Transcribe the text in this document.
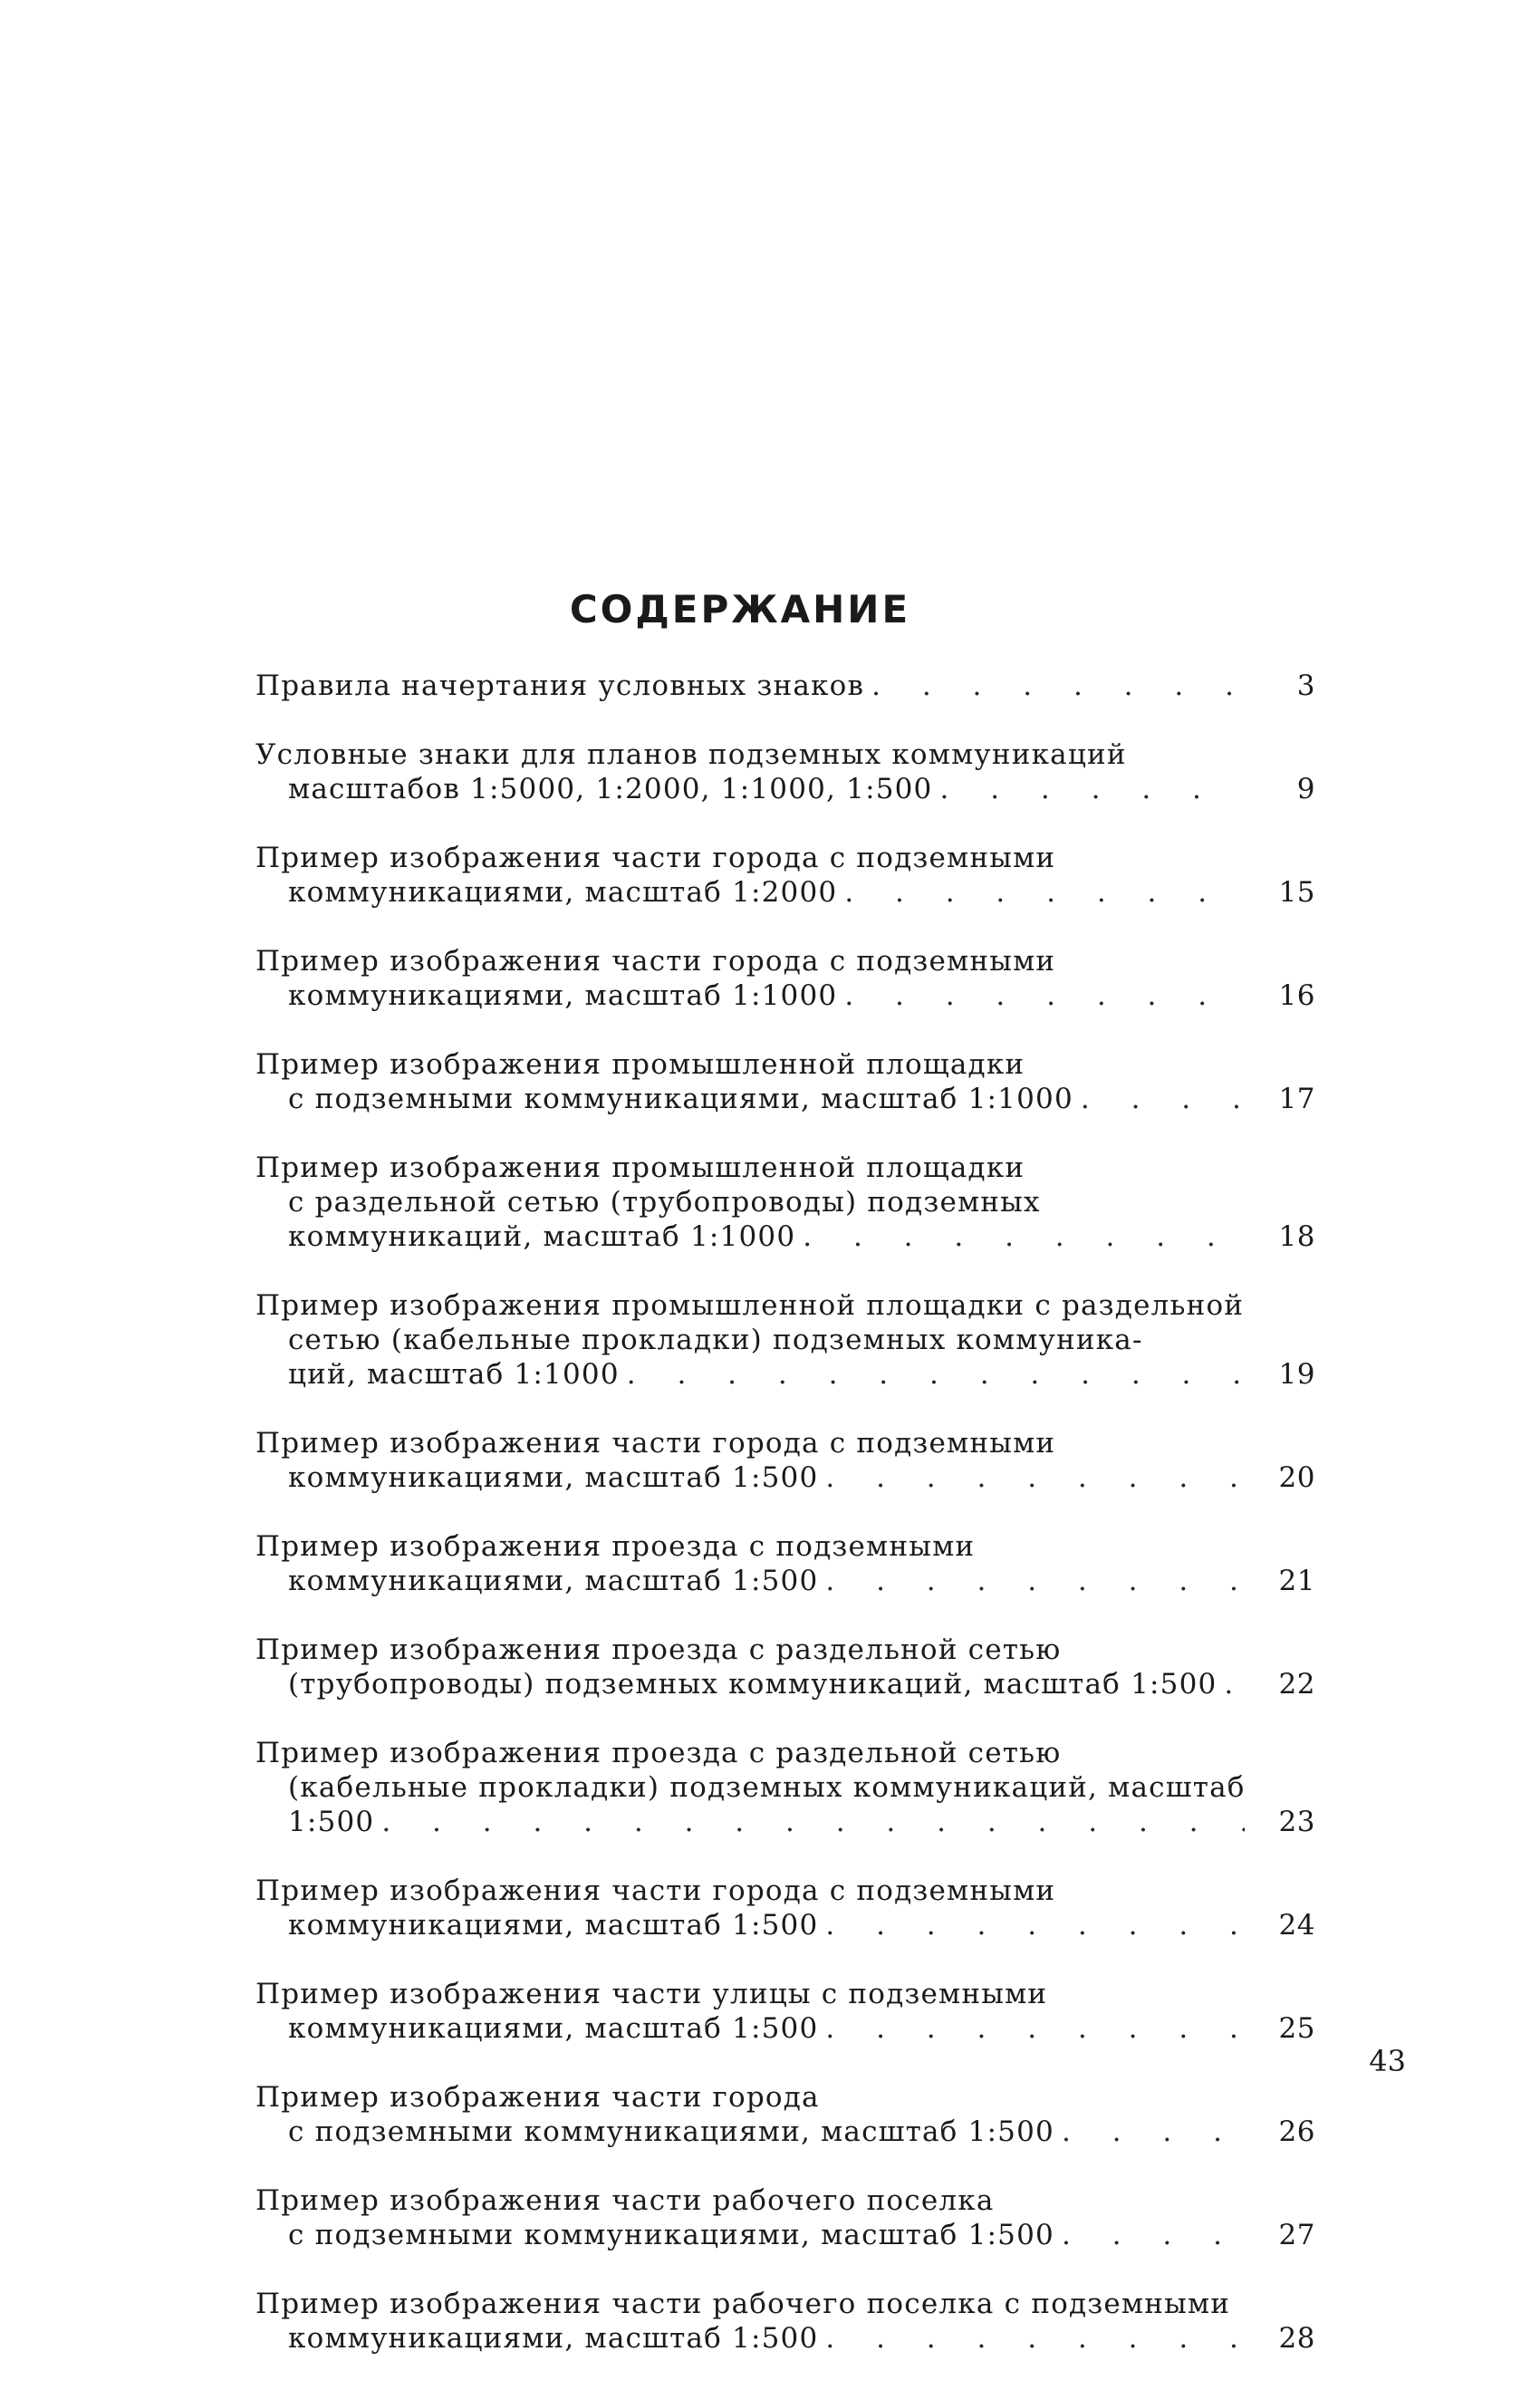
СОДЕРЖАНИЕ
Правила начертания условных знаков . . .	3
Условные знаки для планов подземных коммуникаций
масштабов 1:5000, 1:2000, 1:1000, 1:500 . . .	9
Пример изображения части города с подземными
коммуникациями, масштаб 1:2000 . . .	15
Пример изображения части города с подземными
коммуникациями, масштаб 1:1000 . . .	16
Пример изображения промышленной площадки
с подземными коммуникациями, масштаб 1:1000 . . .	17
Пример изображения промышленной площадки
с раздельной сетью (трубопроводы) подземных
коммуникаций, масштаб 1:1000 . . .	18
Пример изображения промышленной площадки с раздельной
сетью (кабельные прокладки) подземных коммуника-
ций, масштаб 1:1000 . . .	19
Пример изображения части города с подземными
коммуникациями, масштаб 1:500 . . .	20
Пример изображения проезда с подземными
коммуникациями, масштаб 1:500 . . .	21
Пример изображения проезда с раздельной сетью
(трубопроводы) подземных коммуникаций, масштаб 1:500 . . .	22
Пример изображения проезда с раздельной сетью
(кабельные прокладки) подземных коммуникаций, масштаб
1:500 . . .	23
Пример изображения части города с подземными
коммуникациями, масштаб 1:500 . . .	24
Пример изображения части улицы с подземными
коммуникациями, масштаб 1:500 . . .	25
Пример изображения части города
с подземными коммуникациями, масштаб 1:500 . . .	26
Пример изображения части рабочего поселка
с подземными коммуникациями, масштаб 1:500 . . .	27
Пример изображения части рабочего поселка с подземными
коммуникациями, масштаб 1:500 . . .	28

43
